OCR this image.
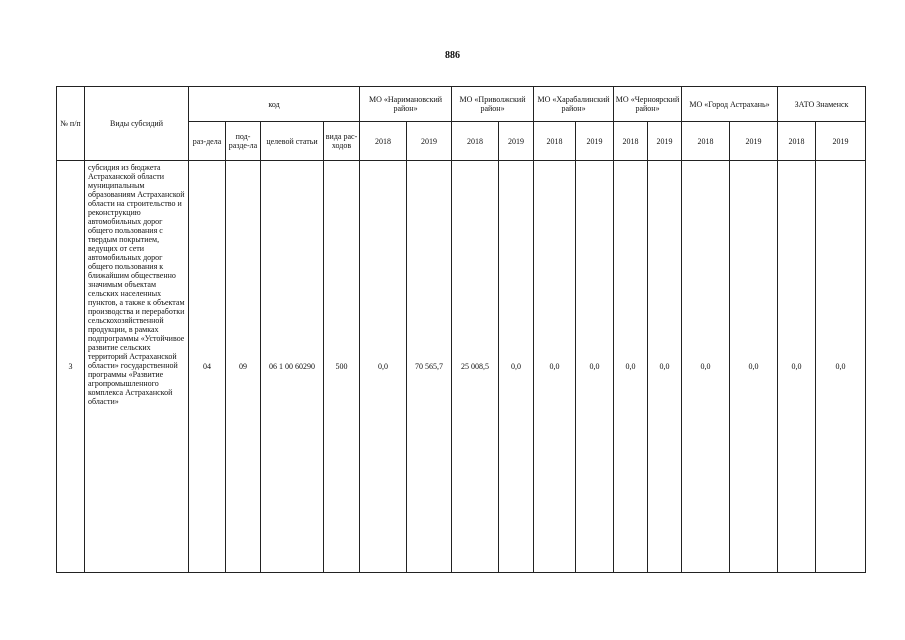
886
№ п/п	Виды субсидий	код				МО «Наримановский район»		МО «Приволжский район»		МО «Харабалинский район»		МО «Черноярский район»		МО «Город Астрахань»		ЗАТО Знаменск	
		раз-дела	под-разде-ла	целевой статьи	вида рас-ходов	2018	2019	2018	2019	2018	2019	2018	2019	2018	2019	2018	2019
3	субсидия из бюджета Астраханской области муниципальным образованиям Астраханской области на строительство и реконструкцию автомобильных дорог общего пользования с твердым покрытием, ведущих от сети автомобильных дорог общего пользования к ближайшим общественно значимым объектам сельских населенных пунктов, а также к объектам производства и переработки сельскохозяйственной продукции, в рамках подпрограммы «Устойчивое развитие сельских территорий Астраханской области» государственной программы «Развитие агропромышленного комплекса Астраханской области»	04	09	06 1 00 60290	500	0,0	70 565,7	25 008,5	0,0	0,0	0,0	0,0	0,0	0,0	0,0	0,0	0,0
